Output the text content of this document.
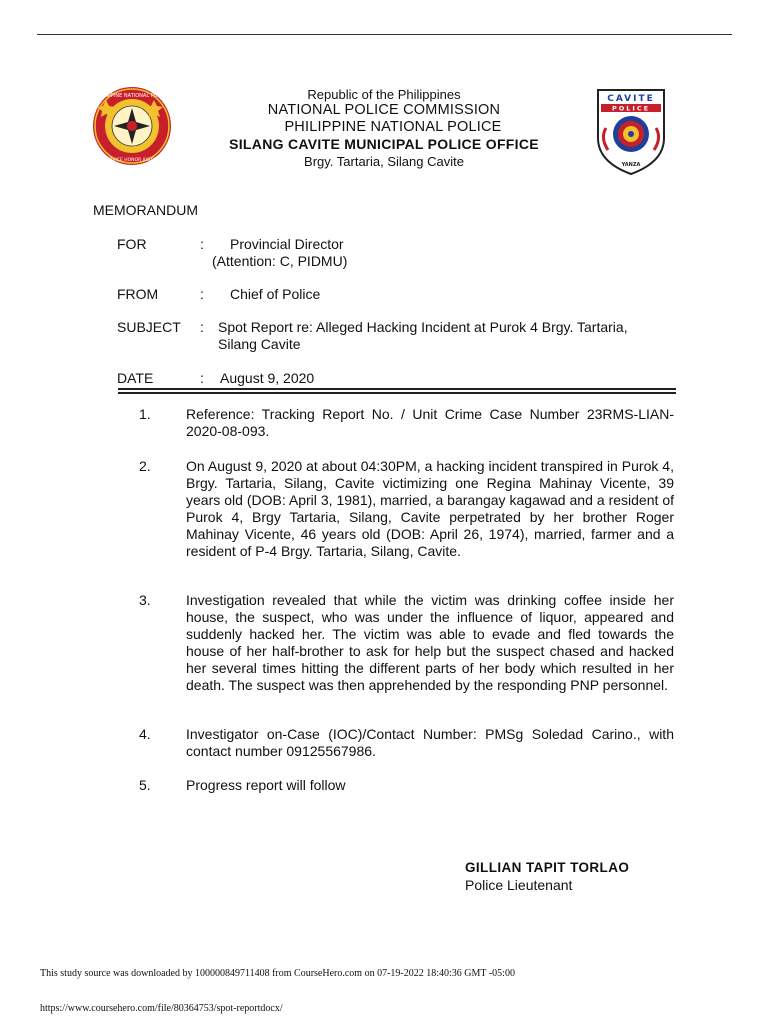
PHILIPPINE NATIONAL POLICE
SERVICE HONOR JUSTICE
CAVITE
POLICE
YANZA
Republic of the Philippines
NATIONAL POLICE COMMISSION
PHILIPPINE NATIONAL POLICE
SILANG CAVITE MUNICIPAL POLICE OFFICE
Brgy. Tartaria, Silang Cavite
MEMORANDUM
FOR	: Provincial Director
(Attention: C, PIDMU)
FROM	: Chief of Police
SUBJECT : Spot Report re: Alleged Hacking Incident at Purok 4 Brgy. Tartaria,
Silang Cavite
DATE	: August 9, 2020
1.	Reference: Tracking Report No. / Unit Crime Case Number 23RMS-LIAN- 2020-08-093.
2.	On August 9, 2020 at about 04:30PM, a hacking incident transpired in Purok 4, Brgy. Tartaria, Silang, Cavite victimizing one Regina Mahinay Vicente, 39 years old (DOB: April 3, 1981), married, a barangay kagawad and a resident of Purok 4, Brgy Tartaria, Silang, Cavite perpetrated by her brother Roger Mahinay Vicente, 46 years old (DOB: April 26, 1974), married, farmer and a resident of P-4 Brgy. Tartaria, Silang, Cavite.
3.	Investigation revealed that while the victim was drinking coffee inside her house, the suspect, who was under the influence of liquor, appeared and suddenly hacked her. The victim was able to evade and fled towards the house of her half-brother to ask for help but the suspect chased and hacked her several times hitting the different parts of her body which resulted in her death. The suspect was then apprehended by the responding PNP personnel.
4.	Investigator on-Case (IOC)/Contact Number: PMSg Soledad Carino., with contact number 09125567986.
5.	Progress report will follow
GILLIAN TAPIT TORLAO
Police Lieutenant
This study source was downloaded by 100000849711408 from CourseHero.com on 07-19-2022 18:40:36 GMT -05:00
https://www.coursehero.com/file/80364753/spot-reportdocx/
